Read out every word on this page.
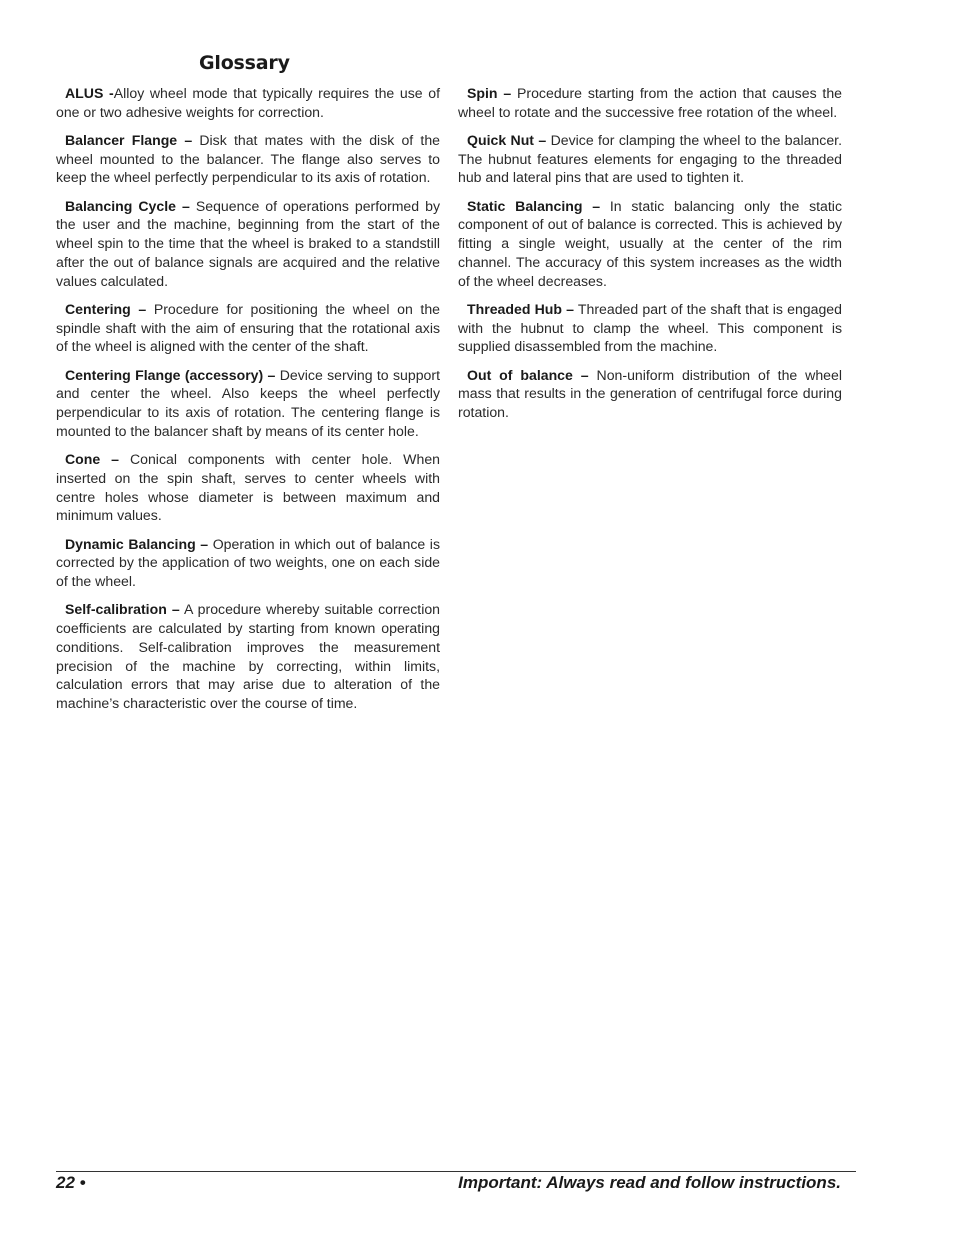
Glossary

ALUS -Alloy wheel mode that typically requires the use of one or two adhesive weights for correction.

Balancer Flange – Disk that mates with the disk of the wheel mounted to the balancer. The flange also serves to keep the wheel perfectly perpendicular to its axis of rotation.

Balancing Cycle – Sequence of operations performed by the user and the machine, beginning from the start of the wheel spin to the time that the wheel is braked to a standstill after the out of balance signals are acquired and the relative values calculated.

Centering – Procedure for positioning the wheel on the spindle shaft with the aim of ensuring that the rotational axis of the wheel is aligned with the center of the shaft.

Centering Flange (accessory) – Device serving to support and center the wheel. Also keeps the wheel perfectly perpendicular to its axis of rotation. The centering flange is mounted to the balancer shaft by means of its center hole.

Cone – Conical components with center hole. When inserted on the spin shaft, serves to center wheels with centre holes whose diameter is between maximum and minimum values.

Dynamic Balancing – Operation in which out of balance is corrected by the application of two weights, one on each side of the wheel.

Self-calibration – A procedure whereby suitable correction coefficients are calculated by starting from known operating conditions. Self-calibration improves the measurement precision of the machine by correcting, within limits, calculation errors that may arise due to alteration of the machine’s characteristic over the course of time.

Spin – Procedure starting from the action that causes the wheel to rotate and the successive free rotation of the wheel.

Quick Nut – Device for clamping the wheel to the balancer. The hubnut features elements for engaging to the threaded hub and lateral pins that are used to tighten it.

Static Balancing – In static balancing only the static component of out of balance is corrected. This is achieved by fitting a single weight, usually at the center of the rim channel. The accuracy of this system increases as the width of the wheel decreases.

Threaded Hub – Threaded part of the shaft that is engaged with the hubnut to clamp the wheel. This component is supplied disassembled from the machine.

Out of balance – Non-uniform distribution of the wheel mass that results in the generation of centrifugal force during rotation.

22 •	Important: Always read and follow instructions.
